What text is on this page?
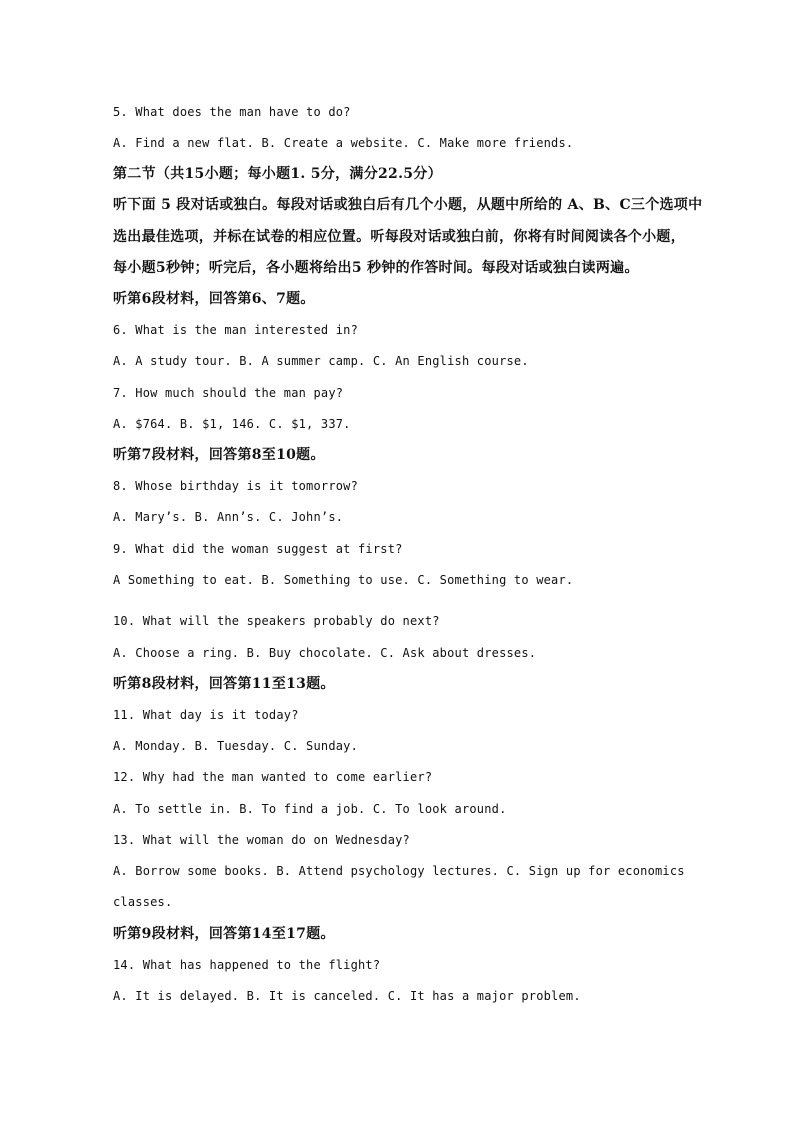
5. What does the man have to do?
A. Find a new flat. B. Create a website. C. Make more friends.
第二节（共15小题；每小题1. 5分，满分22.5分）
听下面 5 段对话或独白。每段对话或独白后有几个小题，从题中所给的 A、B、C三个选项中
选出最佳选项，并标在试卷的相应位置。听每段对话或独白前，你将有时间阅读各个小题，
每小题5秒钟；听完后，各小题将给出5 秒钟的作答时间。每段对话或独白读两遍。
听第6段材料，回答第6、7题。
6. What is the man interested in?
A. A study tour. B. A summer camp. C. An English course.
7. How much should the man pay?
A. $764. B. $1, 146. C. $1, 337.
听第7段材料，回答第8至10题。
8. Whose birthday is it tomorrow?
A. Mary’s. B. Ann’s. C. John’s.
9. What did the woman suggest at first?
A Something to eat. B. Something to use. C. Something to wear.
10. What will the speakers probably do next?
A. Choose a ring. B. Buy chocolate. C. Ask about dresses.
听第8段材料，回答第11至13题。
11. What day is it today?
A. Monday. B. Tuesday. C. Sunday.
12. Why had the man wanted to come earlier?
A. To settle in. B. To find a job. C. To look around.
13. What will the woman do on Wednesday?
A. Borrow some books. B. Attend psychology lectures. C. Sign up for economics
classes.
听第9段材料，回答第14至17题。
14. What has happened to the flight?
A. It is delayed. B. It is canceled. C. It has a major problem.
